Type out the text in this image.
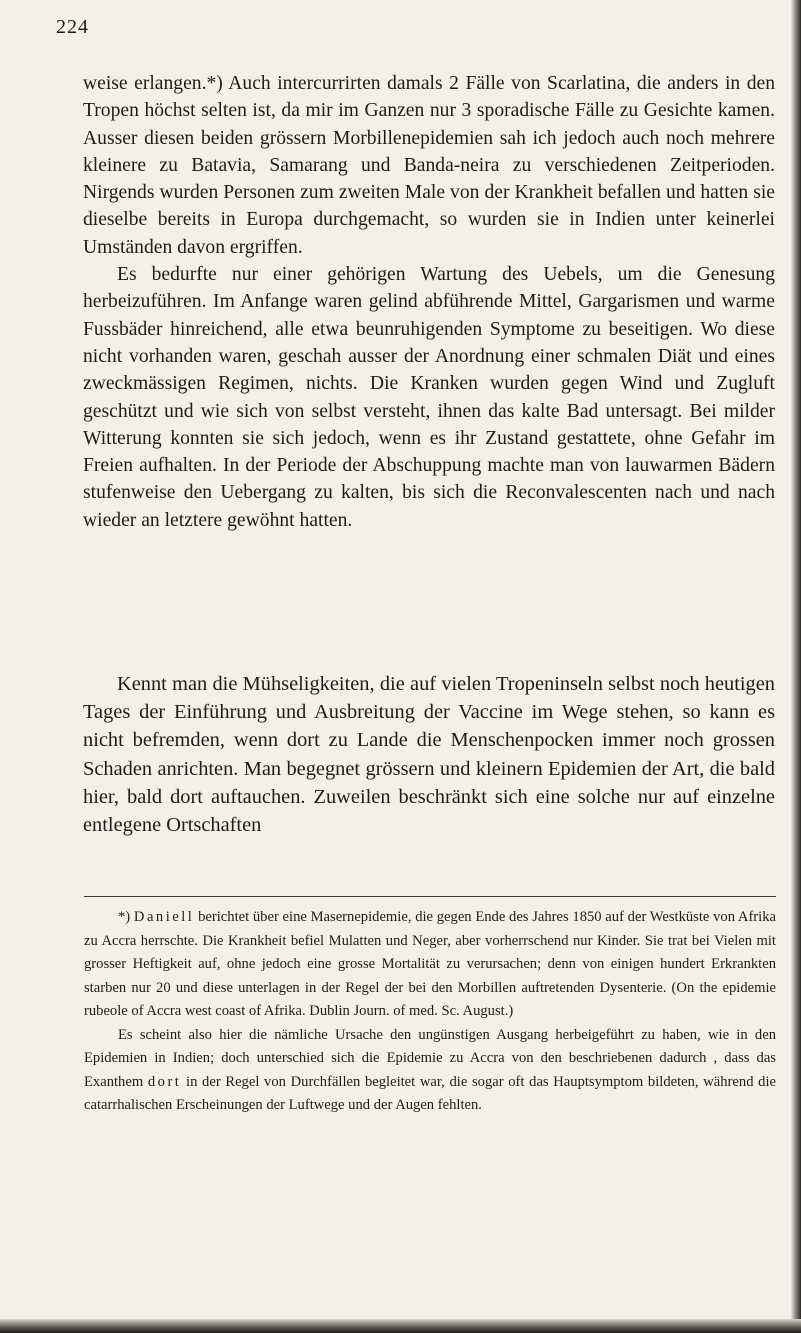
224

weise erlangen.*) Auch intercurrirten damals 2 Fälle von Scarlatina, die anders in den Tropen höchst selten ist, da mir im Ganzen nur 3 sporadische Fälle zu Gesichte kamen. Ausser diesen beiden grössern Morbillenepidemien sah ich jedoch auch noch mehrere kleinere zu Batavia, Samarang und Banda-neira zu verschiedenen Zeitperioden. Nirgends wurden Personen zum zweiten Male von der Krankheit befallen und hatten sie dieselbe bereits in Europa durchgemacht, so wurden sie in Indien unter keinerlei Umständen davon ergriffen.

Es bedurfte nur einer gehörigen Wartung des Uebels, um die Genesung herbeizuführen. Im Anfange waren gelind abführende Mittel, Gargarismen und warme Fussbäder hinreichend, alle etwa beunruhigenden Symptome zu beseitigen. Wo diese nicht vorhanden waren, geschah ausser der Anordnung einer schmalen Diät und eines zweckmässigen Regimen, nichts. Die Kranken wurden gegen Wind und Zugluft geschützt und wie sich von selbst versteht, ihnen das kalte Bad untersagt. Bei milder Witterung konnten sie sich jedoch, wenn es ihr Zustand gestattete, ohne Gefahr im Freien aufhalten. In der Periode der Abschuppung machte man von lauwarmen Bädern stufenweise den Uebergang zu kalten, bis sich die Reconvalescenten nach und nach wieder an letztere gewöhnt hatten.

Kennt man die Mühseligkeiten, die auf vielen Tropeninseln selbst noch heutigen Tages der Einführung und Ausbreitung der Vaccine im Wege stehen, so kann es nicht befremden, wenn dort zu Lande die Menschenpocken immer noch grossen Schaden anrichten. Man begegnet grössern und kleinern Epidemien der Art, die bald hier, bald dort auftauchen. Zuweilen beschränkt sich eine solche nur auf einzelne entlegene Ortschaften

*) Daniell berichtet über eine Masernepidemie, die gegen Ende des Jahres 1850 auf der Westküste von Afrika zu Accra herrschte. Die Krankheit befiel Mulatten und Neger, aber vorherrschend nur Kinder. Sie trat bei Vielen mit grosser Heftigkeit auf, ohne jedoch eine grosse Mortalität zu verursachen; denn von einigen hundert Erkrankten starben nur 20 und diese unterlagen in der Regel der bei den Morbillen auftretenden Dysenterie. (On the epidemie rubeole of Accra west coast of Afrika. Dublin Journ. of med. Sc. August.)

Es scheint also hier die nämliche Ursache den ungünstigen Ausgang herbeigeführt zu haben, wie in den Epidemien in Indien; doch unterschied sich die Epidemie zu Accra von den beschriebenen dadurch , dass das Exanthem dort in der Regel von Durchfällen begleitet war, die sogar oft das Hauptsymptom bildeten, während die catarrhalischen Erscheinungen der Luftwege und der Augen fehlten.
